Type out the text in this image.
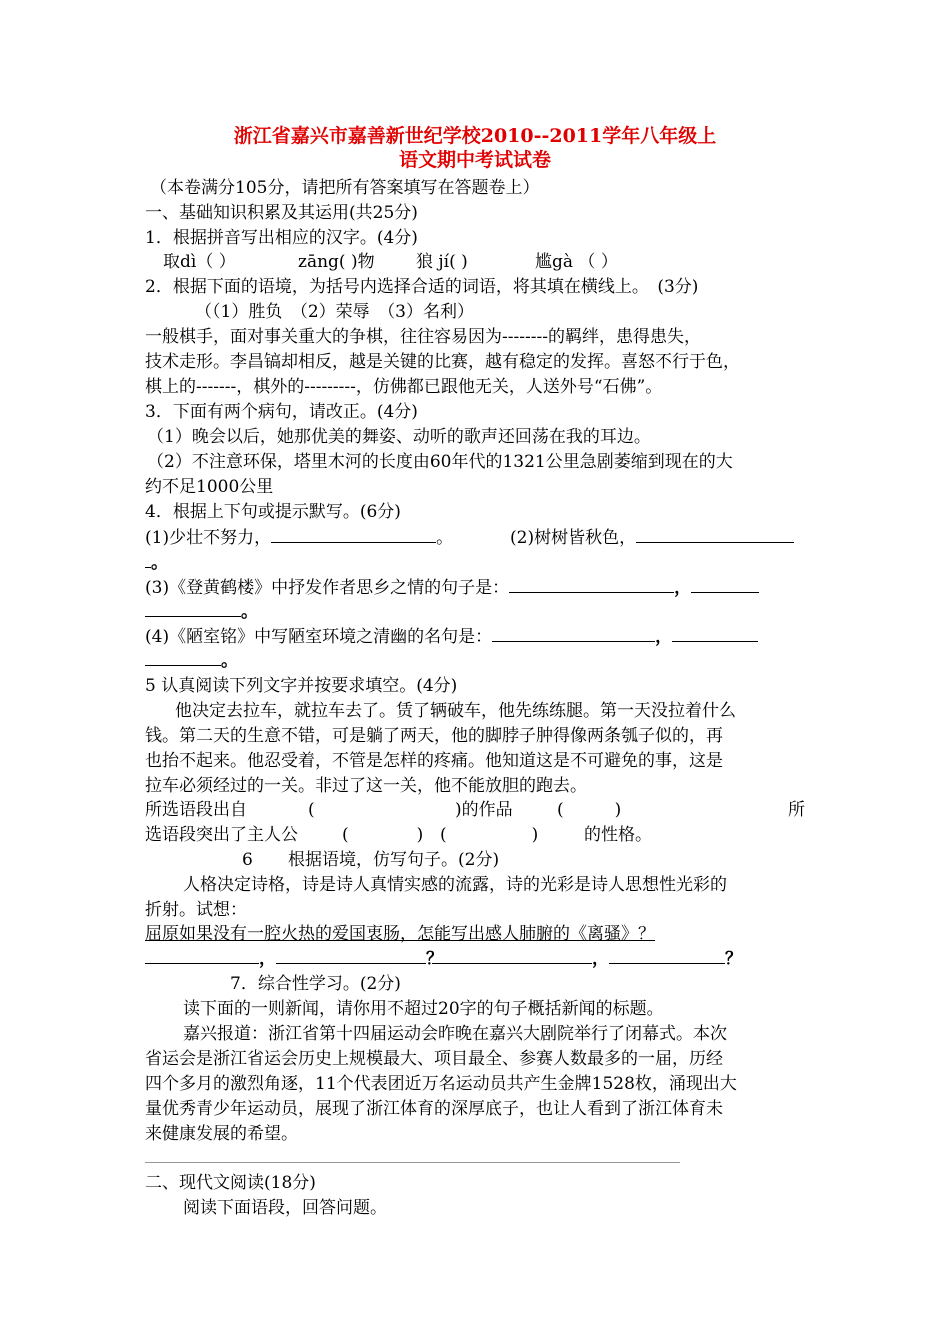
浙江省嘉兴市嘉善新世纪学校2010--2011学年八年级上
语文期中考试试卷
（本卷满分105分，请把所有答案填写在答题卷上）
一、基础知识积累及其运用(共25分)
1．根据拼音写出相应的汉字。(4分)
取dì（ ）	zāng( )物 狼 jí( )	尴gà （ ）
2．根据下面的语境，为括号内选择合适的词语，将其填在横线上。　(3分)
（（1）胜负　（2）荣辱　（3）名利）
一般棋手，面对事关重大的争棋，往往容易因为--------的羁绊，患得患失，
技术走形。李昌镐却相反，越是关键的比赛，越有稳定的发挥。喜怒不行于色，
棋上的-------，棋外的---------，仿佛都已跟他无关，人送外号“石佛”。
3．下面有两个病句，请改正。(4分)
（1）晚会以后，她那优美的舞姿、动听的歌声还回荡在我的耳边。
（2）不注意环保，塔里木河的长度由60年代的1321公里急剧萎缩到现在的大
约不足1000公里
4．根据上下句或提示默写。(6分)
(1)少壮不努力，	。	(2)树树皆秋色，
。
(3)《登黄鹤楼》中抒发作者思乡之情的句子是：	，
。
(4)《陋室铭》中写陋室环境之清幽的名句是：	，
。
5 认真阅读下列文字并按要求填空。(4分)
他决定去拉车，就拉车去了。赁了辆破车，他先练练腿。第一天没拉着什么
钱。第二天的生意不错，可是躺了两天，他的脚脖子肿得像两条瓠子似的，再
也抬不起来。他忍受着，不管是怎样的疼痛。他知道这是不可避免的事，这是
拉车必须经过的一关。非过了这一关，他不能放胆的跑去。
所选语段出自	(	)的作品	(　　　)	所
选语段突出了主人公	(　　　　) (　　　　　)	的性格。
6 根据语境，仿写句子。(2分)
人格决定诗格，诗是诗人真情实感的流露，诗的光彩是诗人思想性光彩的
折射。试想：
屈原如果没有一腔火热的爱国衷肠，怎能写出感人肺腑的《离骚》？
，	？	，	？
7．综合性学习。(2分)
读下面的一则新闻，请你用不超过20字的句子概括新闻的标题。
嘉兴报道：浙江省第十四届运动会昨晚在嘉兴大剧院举行了闭幕式。本次
省运会是浙江省运会历史上规模最大、项目最全、参赛人数最多的一届，历经
四个多月的激烈角逐，11个代表团近万名运动员共产生金牌1528枚，涌现出大
量优秀青少年运动员，展现了浙江体育的深厚底子，也让人看到了浙江体育未
来健康发展的希望。
二、现代文阅读(18分)
阅读下面语段，回答问题。
